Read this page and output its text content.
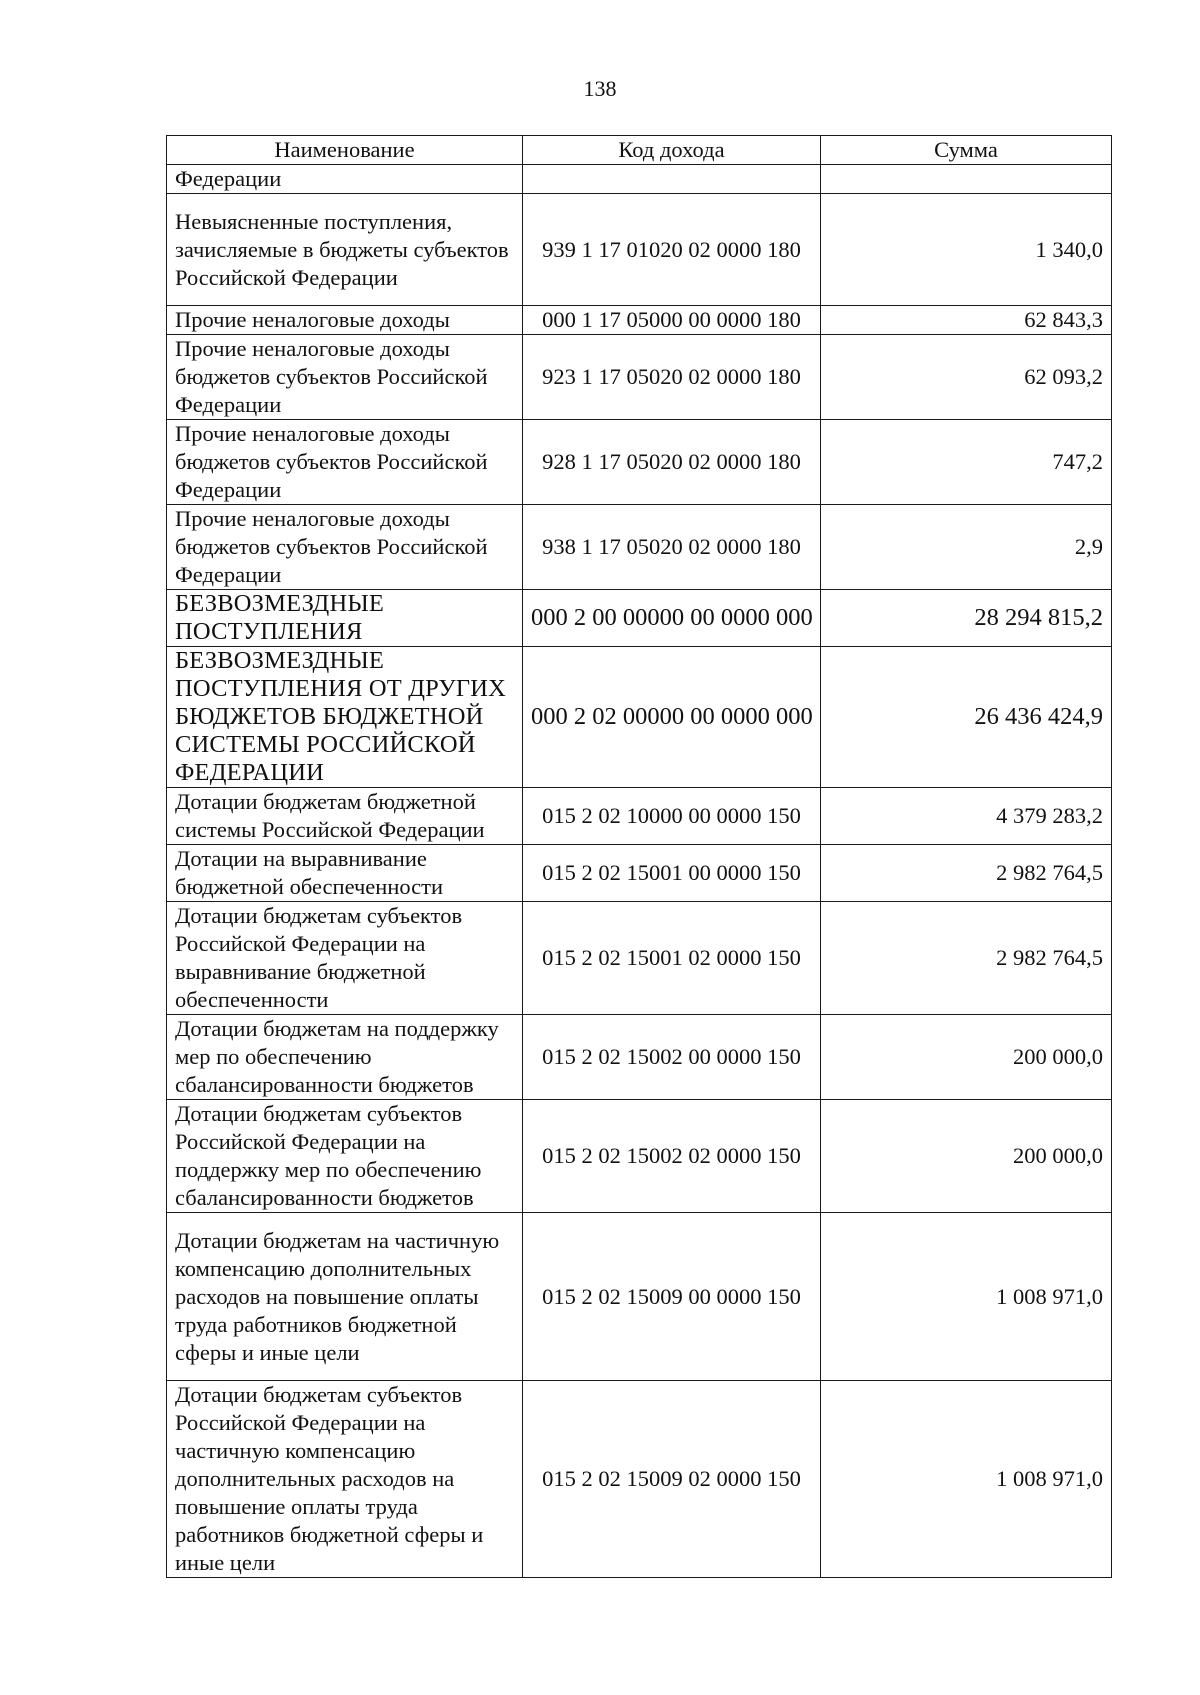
138
Наименование	Код дохода	Сумма
Федерации		
Невыясненные поступления, зачисляемые в бюджеты субъектов Российской Федерации	939 1 17 01020 02 0000 180	1 340,0
Прочие неналоговые доходы	000 1 17 05000 00 0000 180	62 843,3
Прочие неналоговые доходы бюджетов субъектов Российской Федерации	923 1 17 05020 02 0000 180	62 093,2
Прочие неналоговые доходы бюджетов субъектов Российской Федерации	928 1 17 05020 02 0000 180	747,2
Прочие неналоговые доходы бюджетов субъектов Российской Федерации	938 1 17 05020 02 0000 180	2,9
БЕЗВОЗМЕЗДНЫЕ ПОСТУПЛЕНИЯ	000 2 00 00000 00 0000 000	28 294 815,2
БЕЗВОЗМЕЗДНЫЕ ПОСТУПЛЕНИЯ ОТ ДРУГИХ БЮДЖЕТОВ БЮДЖЕТНОЙ СИСТЕМЫ РОССИЙСКОЙ ФЕДЕРАЦИИ	000 2 02 00000 00 0000 000	26 436 424,9
Дотации бюджетам бюджетной системы Российской Федерации	015 2 02 10000 00 0000 150	4 379 283,2
Дотации на выравнивание бюджетной обеспеченности	015 2 02 15001 00 0000 150	2 982 764,5
Дотации бюджетам субъектов Российской Федерации на выравнивание бюджетной обеспеченности	015 2 02 15001 02 0000 150	2 982 764,5
Дотации бюджетам на поддержку мер по обеспечению сбалансированности бюджетов	015 2 02 15002 00 0000 150	200 000,0
Дотации бюджетам субъектов Российской Федерации на поддержку мер по обеспечению сбалансированности бюджетов	015 2 02 15002 02 0000 150	200 000,0
Дотации бюджетам на частичную компенсацию дополнительных расходов на повышение оплаты труда работников бюджетной сферы и иные цели	015 2 02 15009 00 0000 150	1 008 971,0
Дотации бюджетам субъектов Российской Федерации на частичную компенсацию дополнительных расходов на повышение оплаты труда работников бюджетной сферы и иные цели	015 2 02 15009 02 0000 150	1 008 971,0
